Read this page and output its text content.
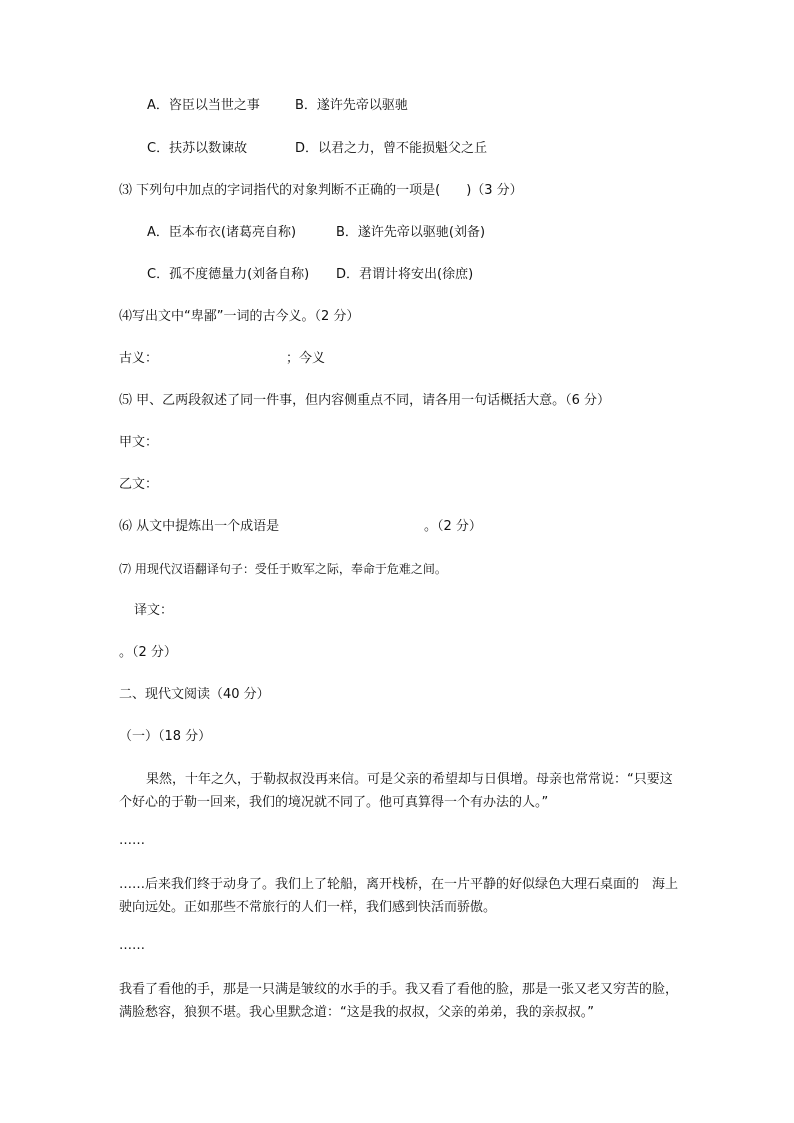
A．咨臣以当世之事	B．遂许先帝以驱驰
C．扶苏以数谏故	D．以君之力，曾不能损魁父之丘
⑶ 下列句中加点的字词指代的对象判断不正确的一项是(　　)（3 分）
A．臣本布衣(诸葛亮自称)	B．遂许先帝以驱驰(刘备)
C．孤不度德量力(刘备自称) D．君谓计将安出(徐庶)
⑷写出文中“卑鄙”一词的古今义。（2 分）
古义：	；今义
⑸ 甲、乙两段叙述了同一件事，但内容侧重点不同，请各用一句话概括大意。（6 分）
甲文：
乙文：
⑹ 从文中提炼出一个成语是	。（2 分）
⑺ 用现代汉语翻译句子：受任于败军之际，奉命于危难之间。
译文：
。（2 分）
二、现代文阅读（40 分）
（一）（18 分）
果然，十年之久，于勒叔叔没再来信。可是父亲的希望却与日俱增。母亲也常常说：“只要这个好心的于勒一回来，我们的境况就不同了。他可真算得一个有办法的人。”
……
……后来我们终于动身了。我们上了轮船，离开栈桥，在一片平静的好似绿色大理石桌面的　海上驶向远处。正如那些不常旅行的人们一样，我们感到快活而骄傲。
……
我看了看他的手，那是一只满是皱纹的水手的手。我又看了看他的脸，那是一张又老又穷苦的脸，满脸愁容，狼狈不堪。我心里默念道：“这是我的叔叔，父亲的弟弟，我的亲叔叔。”
